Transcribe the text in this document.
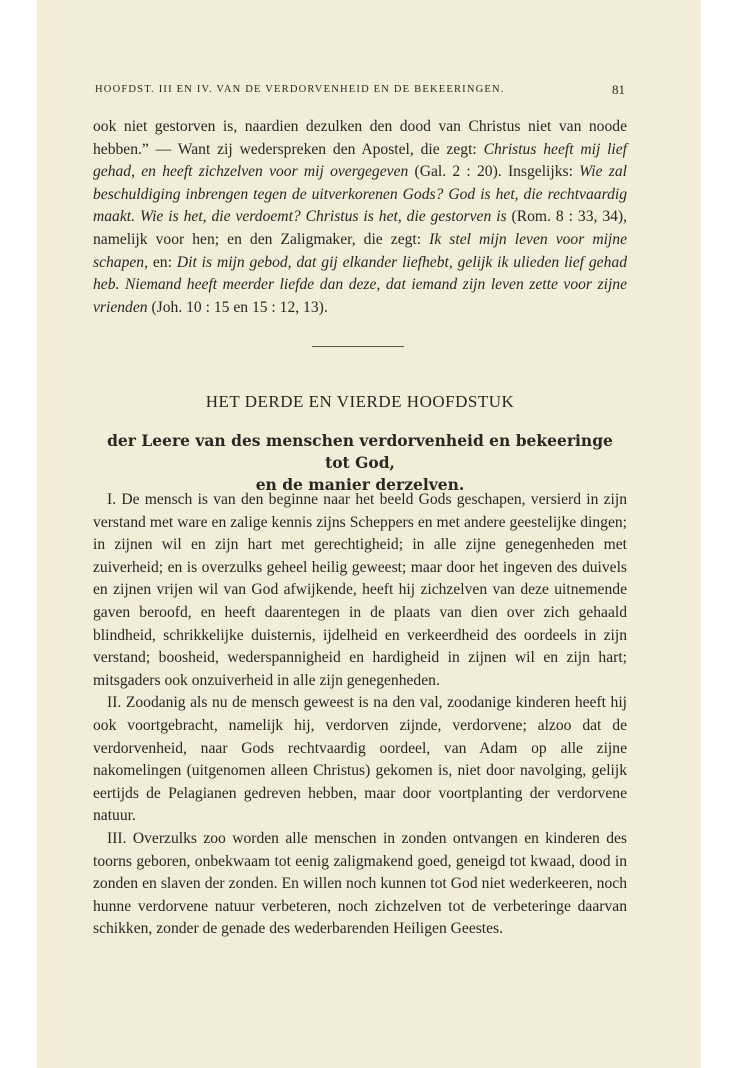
HOOFDST. III EN IV. VAN DE VERDORVENHEID EN DE BEKEERINGEN.	81

ook niet gestorven is, naardien dezulken den dood van Christus niet van noode hebben.” — Want zij wederspreken den Apostel, die zegt: Christus heeft mij lief gehad, en heeft zichzelven voor mij overgegeven (Gal. 2 : 20). Insgelijks: Wie zal beschuldiging inbrengen tegen de uitverkorenen Gods? God is het, die rechtvaardig maakt. Wie is het, die verdoemt? Christus is het, die gestorven is (Rom. 8 : 33, 34), namelijk voor hen; en den Zaligmaker, die zegt: Ik stel mijn leven voor mijne schapen, en: Dit is mijn gebod, dat gij elkander liefhebt, gelijk ik ulieden lief gehad heb. Niemand heeft meerder liefde dan deze, dat iemand zijn leven zette voor zijne vrienden (Joh. 10 : 15 en 15 : 12, 13).

HET DERDE EN VIERDE HOOFDSTUK
der Leere van des menschen verdorvenheid en bekeeringe tot God,
en de manier derzelven.

I. De mensch is van den beginne naar het beeld Gods geschapen, versierd in zijn verstand met ware en zalige kennis zijns Scheppers en met andere geestelijke dingen; in zijnen wil en zijn hart met gerechtigheid; in alle zijne genegenheden met zuiverheid; en is overzulks geheel heilig geweest; maar door het ingeven des duivels en zijnen vrijen wil van God afwijkende, heeft hij zichzelven van deze uitnemende gaven beroofd, en heeft daarentegen in de plaats van dien over zich gehaald blindheid, schrikkelijke duisternis, ijdelheid en verkeerdheid des oordeels in zijn verstand; boosheid, wederspannigheid en hardigheid in zijnen wil en zijn hart; mitsgaders ook onzuiverheid in alle zijn genegenheden.

II. Zoodanig als nu de mensch geweest is na den val, zoodanige kinderen heeft hij ook voortgebracht, namelijk hij, verdorven zijnde, verdorvene; alzoo dat de verdorvenheid, naar Gods rechtvaardig oordeel, van Adam op alle zijne nakomelingen (uitgenomen alleen Christus) gekomen is, niet door navolging, gelijk eertijds de Pelagianen gedreven hebben, maar door voortplanting der verdorvene natuur.

III. Overzulks zoo worden alle menschen in zonden ontvangen en kinderen des toorns geboren, onbekwaam tot eenig zaligmakend goed, geneigd tot kwaad, dood in zonden en slaven der zonden. En willen noch kunnen tot God niet wederkeeren, noch hunne verdorvene natuur verbeteren, noch zichzelven tot de verbeteringe daarvan schikken, zonder de genade des wederbarenden Heiligen Geestes.
